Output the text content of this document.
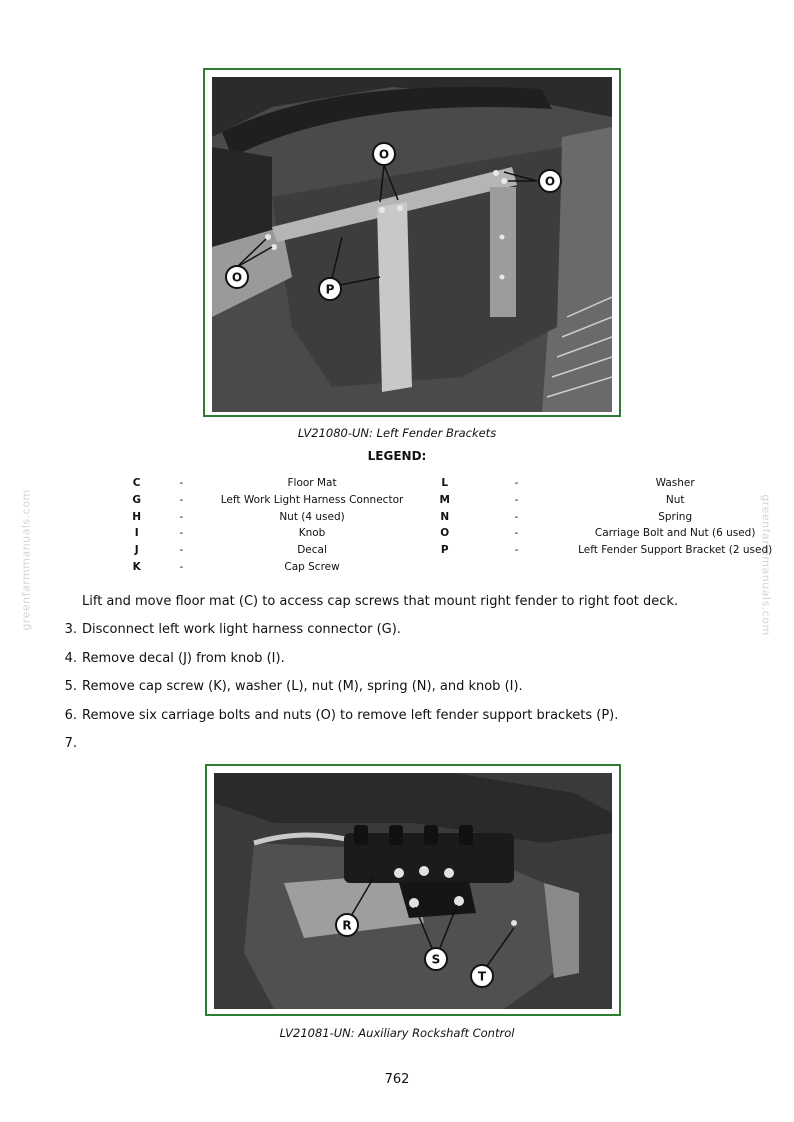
greenfarmmanuals.com	greenfarmmanuals.com
O
O
O
P
LV21080-UN: Left Fender Brackets
LEGEND:
C	-	Floor Mat	L	-	Washer
G	-	Left Work Light Harness Connector	M	-	Nut
H	-	Nut (4 used)	N	-	Spring
I	-	Knob	O	-	Carriage Bolt and Nut (6 used)
J	-	Decal	P	-	Left Fender Support Bracket (2 used)
K	-	Cap Screw			
Lift and move floor mat (C) to access cap screws that mount right fender to right foot deck.
3. Disconnect left work light harness connector (G).
4. Remove decal (J) from knob (I).
5. Remove cap screw (K), washer (L), nut (M), spring (N), and knob (I).
6. Remove six carriage bolts and nuts (O) to remove left fender support brackets (P).
7.
R
S
T
LV21081-UN: Auxiliary Rockshaft Control
762
